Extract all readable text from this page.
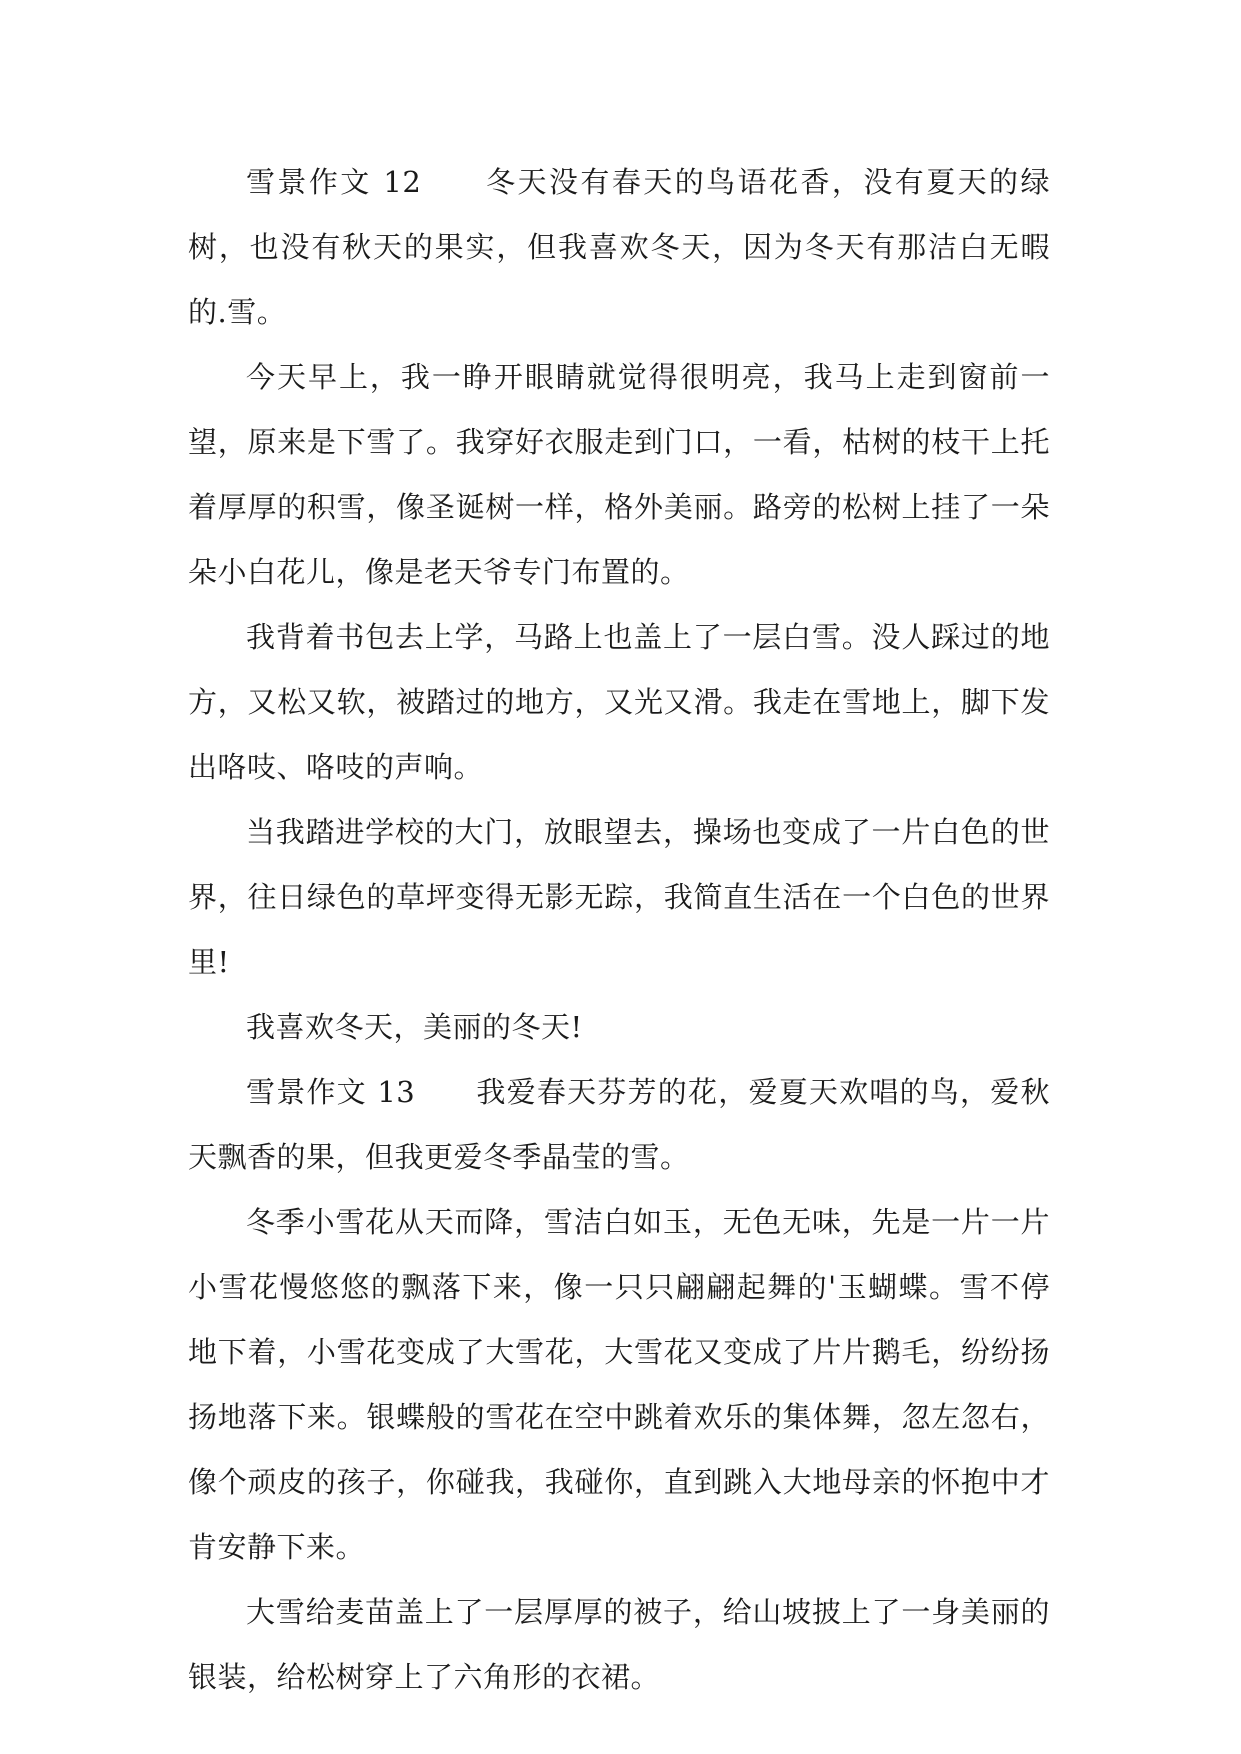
雪景作文 12　　冬天没有春天的鸟语花香，没有夏天的绿树，也没有秋天的果实，但我喜欢冬天，因为冬天有那洁白无暇的.雪。

今天早上，我一睁开眼睛就觉得很明亮，我马上走到窗前一望，原来是下雪了。我穿好衣服走到门口，一看，枯树的枝干上托着厚厚的积雪，像圣诞树一样，格外美丽。路旁的松树上挂了一朵朵小白花儿，像是老天爷专门布置的。

我背着书包去上学，马路上也盖上了一层白雪。没人踩过的地方，又松又软，被踏过的地方，又光又滑。我走在雪地上，脚下发出咯吱、咯吱的声响。

当我踏进学校的大门，放眼望去，操场也变成了一片白色的世界，往日绿色的草坪变得无影无踪，我简直生活在一个白色的世界里!

我喜欢冬天，美丽的冬天!

雪景作文 13　　我爱春天芬芳的花，爱夏天欢唱的鸟，爱秋天飘香的果，但我更爱冬季晶莹的雪。

冬季小雪花从天而降，雪洁白如玉，无色无味，先是一片一片小雪花慢悠悠的飘落下来，像一只只翩翩起舞的'玉蝴蝶。雪不停地下着，小雪花变成了大雪花，大雪花又变成了片片鹅毛，纷纷扬扬地落下来。银蝶般的雪花在空中跳着欢乐的集体舞，忽左忽右，像个顽皮的孩子，你碰我，我碰你，直到跳入大地母亲的怀抱中才肯安静下来。

大雪给麦苗盖上了一层厚厚的被子，给山坡披上了一身美丽的银装，给松树穿上了六角形的衣裙。
